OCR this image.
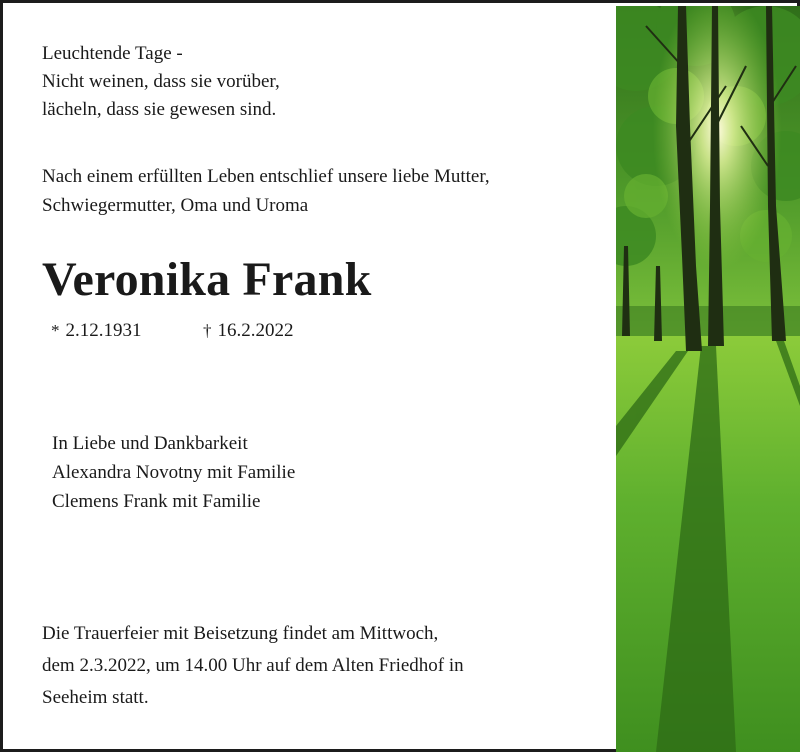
Leuchtende Tage -
Nicht weinen, dass sie vorüber,
lächeln, dass sie gewesen sind.
Nach einem erfüllten Leben entschlief unsere liebe Mutter,
Schwiegermutter, Oma und Uroma
Veronika Frank
* 2.12.1931	† 16.2.2022
In Liebe und Dankbarkeit
Alexandra Novotny mit Familie
Clemens Frank mit Familie
Die Trauerfeier mit Beisetzung findet am Mittwoch,
dem 2.3.2022, um 14.00 Uhr auf dem Alten Friedhof in
Seeheim statt.
